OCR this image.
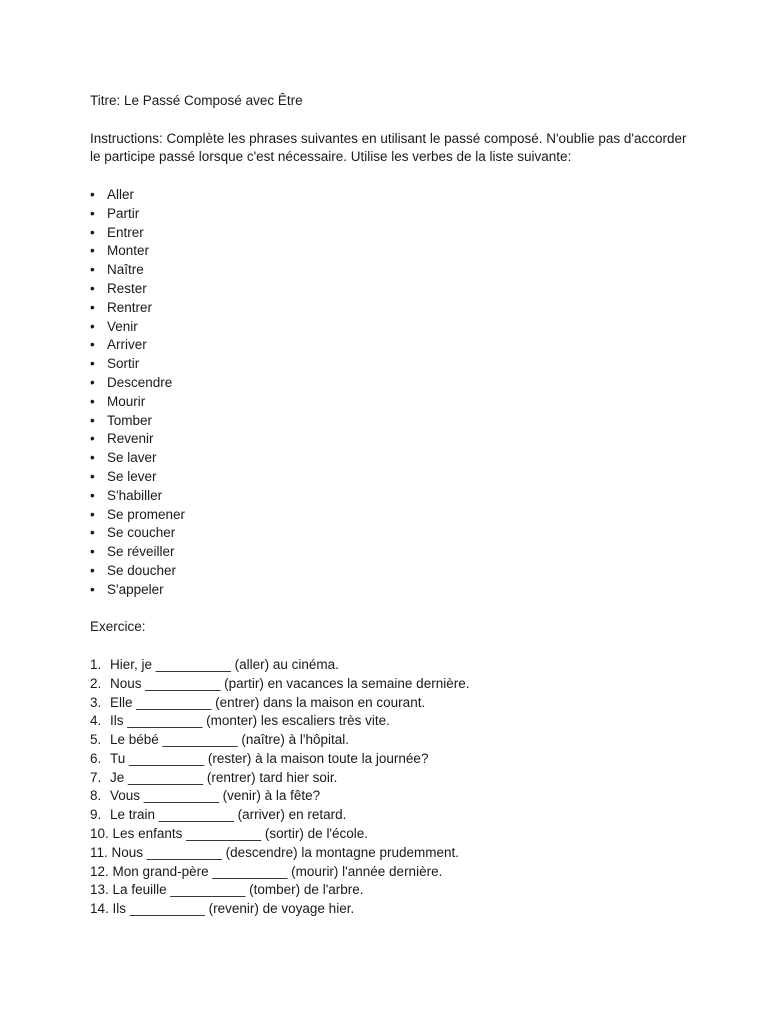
Titre: Le Passé Composé avec Être
Instructions: Complète les phrases suivantes en utilisant le passé composé. N'oublie pas d'accorder le participe passé lorsque c'est nécessaire. Utilise les verbes de la liste suivante:
• Aller
• Partir
• Entrer
• Monter
• Naître
• Rester
• Rentrer
• Venir
• Arriver
• Sortir
• Descendre
• Mourir
• Tomber
• Revenir
• Se laver
• Se lever
• S'habiller
• Se promener
• Se coucher
• Se réveiller
• Se doucher
• S'appeler
Exercice:
1. Hier, je __________ (aller) au cinéma.
2. Nous __________ (partir) en vacances la semaine dernière.
3. Elle __________ (entrer) dans la maison en courant.
4. Ils __________ (monter) les escaliers très vite.
5. Le bébé __________ (naître) à l'hôpital.
6. Tu __________ (rester) à la maison toute la journée?
7. Je __________ (rentrer) tard hier soir.
8. Vous __________ (venir) à la fête?
9. Le train __________ (arriver) en retard.
10. Les enfants __________ (sortir) de l'école.
11. Nous __________ (descendre) la montagne prudemment.
12. Mon grand-père __________ (mourir) l'année dernière.
13. La feuille __________ (tomber) de l'arbre.
14. Ils __________ (revenir) de voyage hier.
